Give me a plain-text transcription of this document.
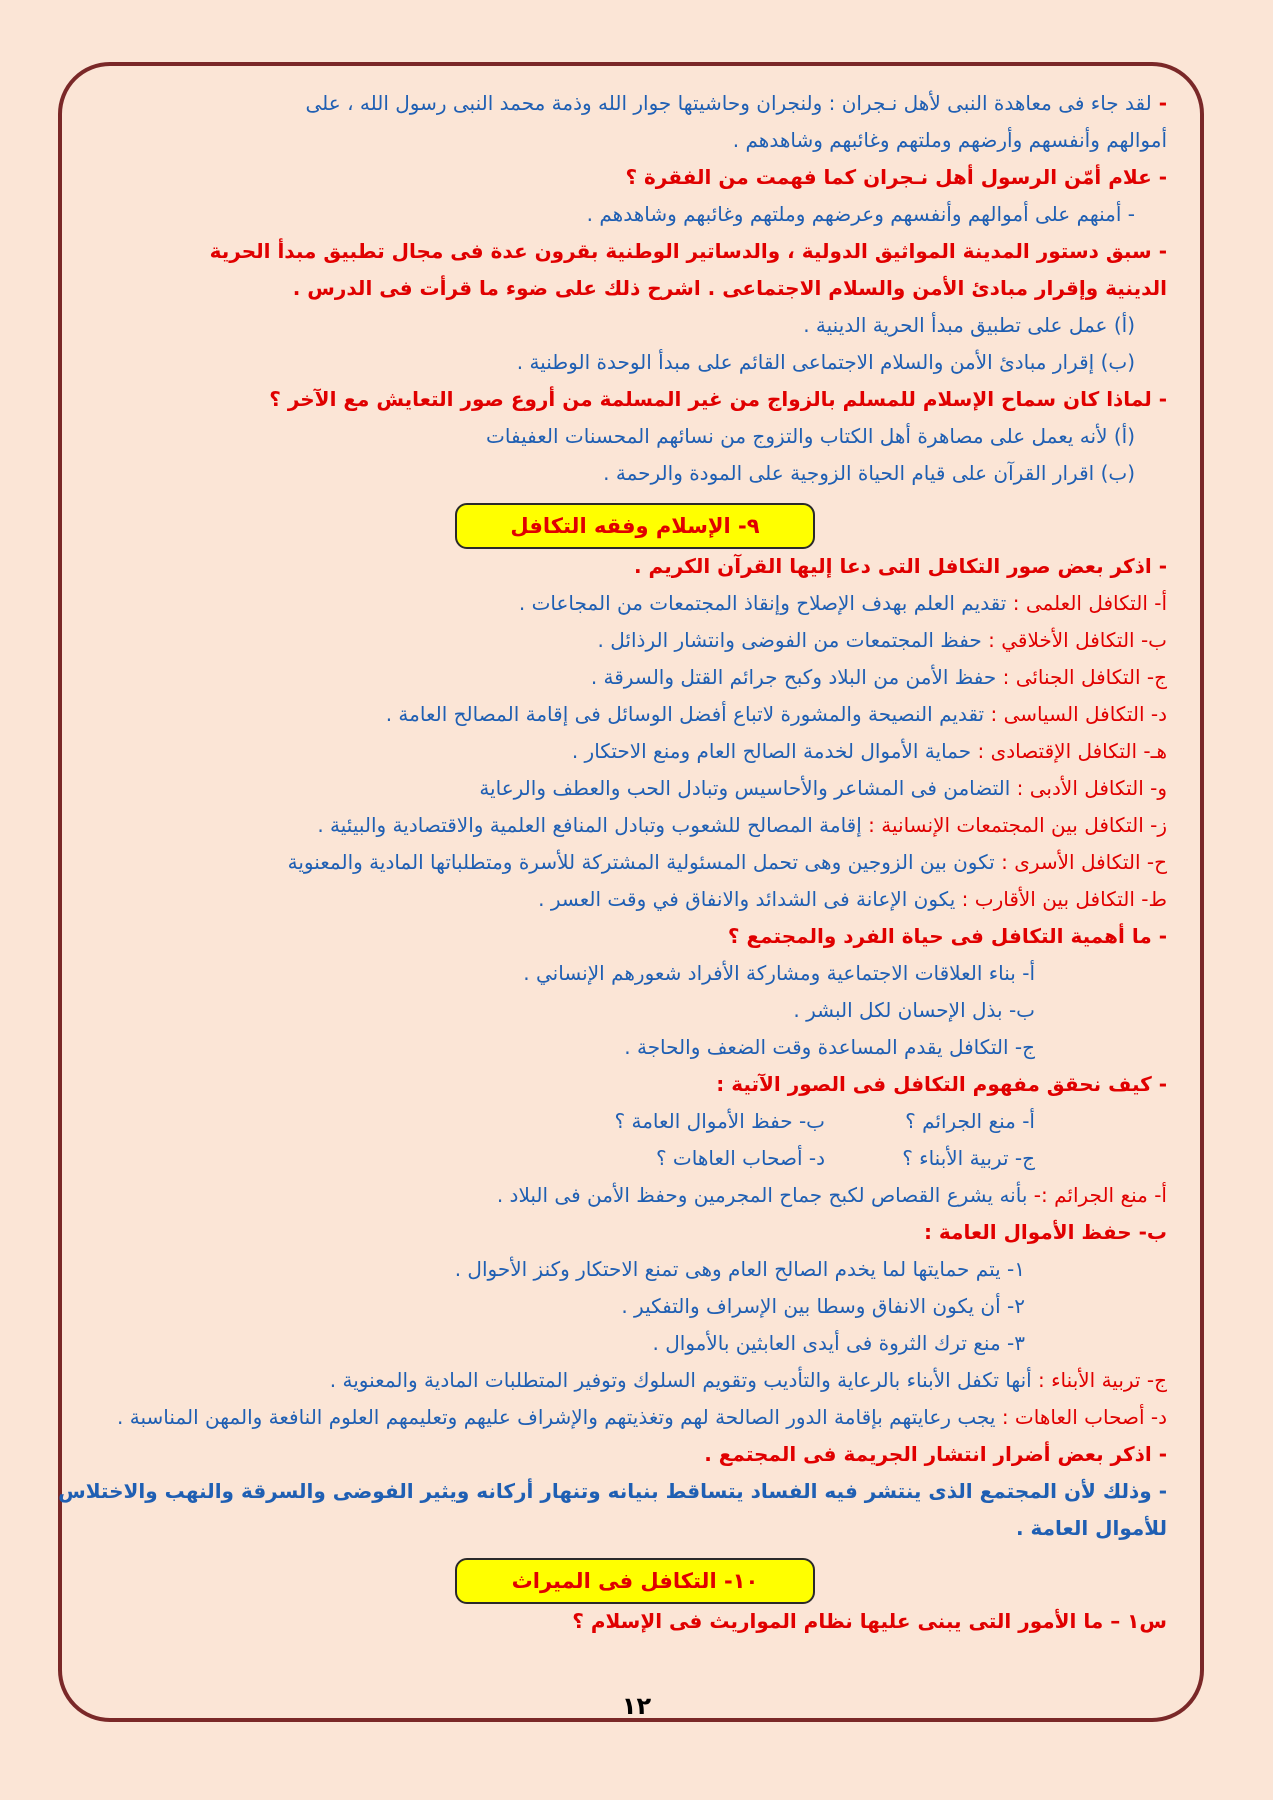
- لقد جاء فى معاهدة النبى لأهل نـجران : ولنجران وحاشيتها جوار الله وذمة محمد النبى رسول الله ، على
أموالهم وأنفسهم وأرضهم وملتهم وغائبهم وشاهدهم .
- علام أمّن الرسول أهل نـجران كما فهمت من الفقرة ؟
- أمنهم على أموالهم وأنفسهم وعرضهم وملتهم وغائبهم وشاهدهم .
- سبق دستور المدينة المواثيق الدولية ، والدساتير الوطنية بقرون عدة فى مجال تطبيق مبدأ الحرية
الدينية وإقرار مبادئ الأمن والسلام الاجتماعى . اشرح ذلك على ضوء ما قرأت فى الدرس .
(أ) عمل على تطبيق مبدأ الحرية الدينية .
(ب) إقرار مبادئ الأمن والسلام الاجتماعى القائم على مبدأ الوحدة الوطنية .
- لماذا كان سماح الإسلام للمسلم بالزواج من غير المسلمة من أروع صور التعايش مع الآخر ؟
(أ) لأنه يعمل على مصاهرة أهل الكتاب والتزوج من نسائهم المحسنات العفيفات
(ب) اقرار القرآن على قيام الحياة الزوجية على المودة والرحمة .
٩- الإسلام وفقه التكافل
- اذكر بعض صور التكافل التى دعا إليها القرآن الكريم .
أ- التكافل العلمى : تقديم العلم بهدف الإصلاح وإنقاذ المجتمعات من المجاعات .
ب- التكافل الأخلاقي : حفظ المجتمعات من الفوضى وانتشار الرذائل .
ج- التكافل الجنائى : حفظ الأمن من البلاد وكبح جرائم القتل والسرقة .
د- التكافل السياسى : تقديم النصيحة والمشورة لاتباع أفضل الوسائل فى إقامة المصالح العامة .
هـ- التكافل الإقتصادى : حماية الأموال لخدمة الصالح العام ومنع الاحتكار .
و- التكافل الأدبى : التضامن فى المشاعر والأحاسيس وتبادل الحب والعطف والرعاية
ز- التكافل بين المجتمعات الإنسانية : إقامة المصالح للشعوب وتبادل المنافع العلمية والاقتصادية والبيئية .
ح- التكافل الأسرى : تكون بين الزوجين وهى تحمل المسئولية المشتركة للأسرة ومتطلباتها المادية والمعنوية
ط- التكافل بين الأقارب : يكون الإعانة فى الشدائد والانفاق في وقت العسر .
- ما أهمية التكافل فى حياة الفرد والمجتمع ؟
أ- بناء العلاقات الاجتماعية ومشاركة الأفراد شعورهم الإنساني .
ب- بذل الإحسان لكل البشر .
ج- التكافل يقدم المساعدة وقت الضعف والحاجة .
- كيف نحقق مفهوم التكافل فى الصور الآتية :
أ- منع الجرائم ؟ب- حفظ الأموال العامة ؟
ج- تربية الأبناء ؟د- أصحاب العاهات ؟
أ- منع الجرائم :- بأنه يشرع القصاص لكبح جماح المجرمين وحفظ الأمن فى البلاد .
ب- حفظ الأموال العامة :
١- يتم حمايتها لما يخدم الصالح العام وهى تمنع الاحتكار وكنز الأحوال .
٢- أن يكون الانفاق وسطا بين الإسراف والتفكير .
٣- منع ترك الثروة فى أيدى العابثين بالأموال .
ج- تربية الأبناء : أنها تكفل الأبناء بالرعاية والتأديب وتقويم السلوك وتوفير المتطلبات المادية والمعنوية .
د- أصحاب العاهات : يجب رعايتهم بإقامة الدور الصالحة لهم وتغذيتهم والإشراف عليهم وتعليمهم العلوم النافعة والمهن المناسبة .
- اذكر بعض أضرار انتشار الجريمة فى المجتمع .
- وذلك لأن المجتمع الذى ينتشر فيه الفساد يتساقط بنيانه وتنهار أركانه ويثير الفوضى والسرقة والنهب والاختلاس
للأموال العامة .
١٠- التكافل فى الميراث
س١ – ما الأمور التى يبنى عليها نظام المواريث فى الإسلام ؟
١٢
